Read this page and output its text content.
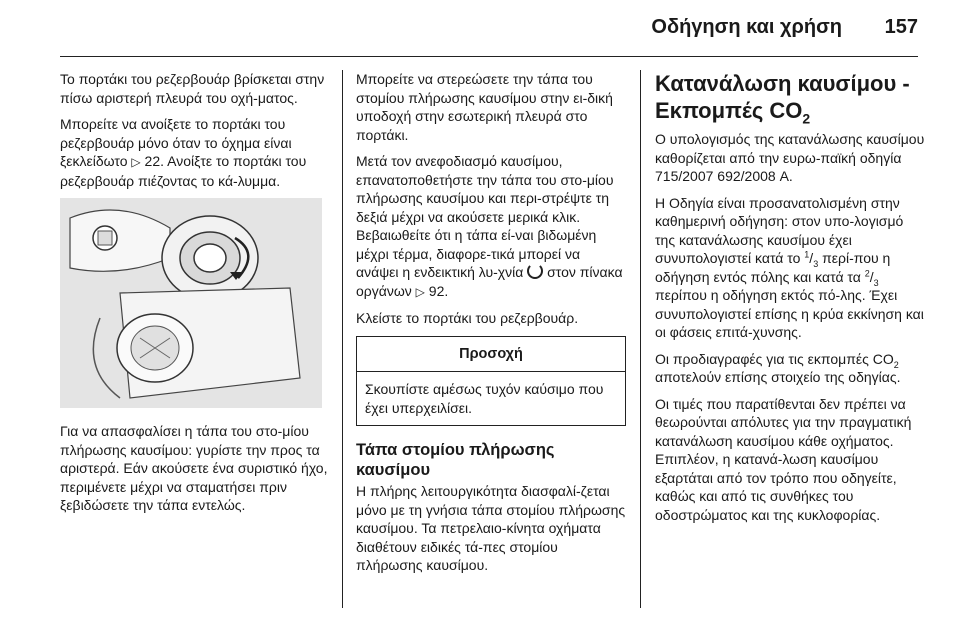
Οδήγηση και χρήση 157

Το πορτάκι του ρεζερβουάρ βρίσκεται στην πίσω αριστερή πλευρά του οχή-ματος.

Μπορείτε να ανοίξετε το πορτάκι του ρεζερβουάρ μόνο όταν το όχημα είναι ξεκλείδωτο ▷ 22. Ανοίξτε το πορτάκι του ρεζερβουάρ πιέζοντας το κά-λυμμα.

Για να απασφαλίσει η τάπα του στο-μίου πλήρωσης καυσίμου: γυρίστε την προς τα αριστερά. Εάν ακούσετε ένα συριστικό ήχο, περιμένετε μέχρι να σταματήσει πριν ξεβιδώσετε την τάπα εντελώς.

Μπορείτε να στερεώσετε την τάπα του στομίου πλήρωσης καυσίμου στην ει-δική υποδοχή στην εσωτερική πλευρά στο πορτάκι.

Μετά τον ανεφοδιασμό καυσίμου, επανατοποθετήστε την τάπα του στο-μίου πλήρωσης καυσίμου και περι-στρέψτε τη δεξιά μέχρι να ακούσετε μερικά κλικ. Βεβαιωθείτε ότι η τάπα εί-ναι βιδωμένη μέχρι τέρμα, διαφορε-τικά μπορεί να ανάψει η ενδεικτική λυ-χνία  στον πίνακα οργάνων ▷ 92.

Κλείστε το πορτάκι του ρεζερβουάρ.

Προσοχή
Σκουπίστε αμέσως τυχόν καύσιμο που έχει υπερχειλίσει.
Τάπα στομίου πλήρωσης καυσίμου

Η πλήρης λειτουργικότητα διασφαλί-ζεται μόνο με τη γνήσια τάπα στομίου πλήρωσης καυσίμου. Τα πετρελαιο-κίνητα οχήματα διαθέτουν ειδικές τά-πες στομίου πλήρωσης καυσίμου.

Κατανάλωση καυσίμου - Εκπομπές $CO_2$

Ο υπολογισμός της κατανάλωσης καυσίμου καθορίζεται από την ευρω-παϊκή οδηγία 715/2007 692/2008 A.

Η Οδηγία είναι προσανατολισμένη στην καθημερινή οδήγηση: στον υπο-λογισμό της κατανάλωσης καυσίμου έχει συνυπολογιστεί κατά το $^1/_3$ περί-που η οδήγηση εντός πόλης και κατά τα $^2/_3$ περίπου η οδήγηση εκτός πό-λης. Έχει συνυπολογιστεί επίσης η κρύα εκκίνηση και οι φάσεις επιτά-χυνσης.

Οι προδιαγραφές για τις εκπομπές $CO_2$ αποτελούν επίσης στοιχείο της οδηγίας.

Οι τιμές που παρατίθενται δεν πρέπει να θεωρούνται απόλυτες για την πραγματική κατανάλωση καυσίμου κάθε οχήματος. Επιπλέον, η κατανά-λωση καυσίμου εξαρτάται από τον τρόπο που οδηγείτε, καθώς και από τις συνθήκες του οδοστρώματος και της κυκλοφορίας.
